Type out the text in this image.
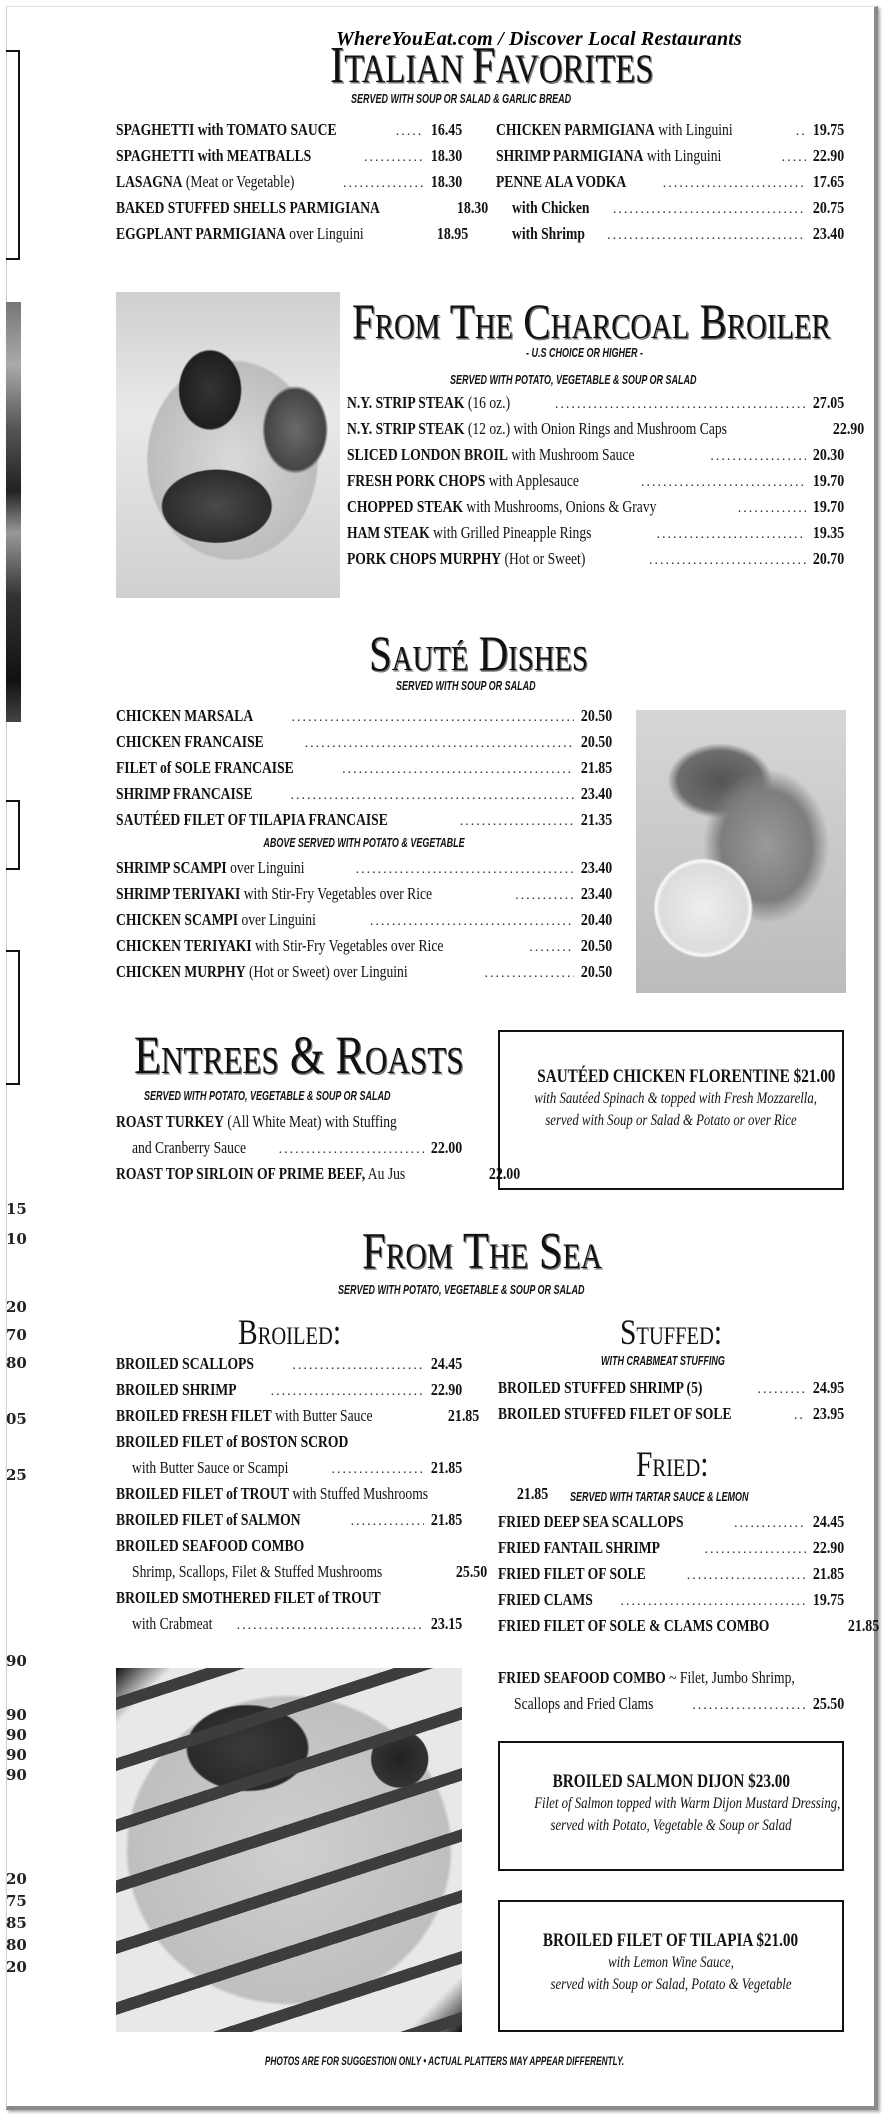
15
10
20
70
80
05
25
90
90
90
90
90
20
75
85
80
20
WhereYouEat.com / Discover Local Restaurants
ITALIAN FAVORITES
SERVED WITH SOUP OR SALAD & GARLIC BREAD
SPAGHETTI with TOMATO SAUCE .....	16.45
SPAGHETTI with MEATBALLS .....	18.30
LASAGNA (Meat or Vegetable) .....	18.30
BAKED STUFFED SHELLS PARMIGIANA	18.30
EGGPLANT PARMIGIANA over Linguini	18.95
CHICKEN PARMIGIANA with Linguini .....	19.75
SHRIMP PARMIGIANA with Linguini .....	22.90
PENNE ALA VODKA .....	17.65
with Chicken .....	20.75
with Shrimp .....	23.40
From The Charcoal Broiler
- U.S CHOICE OR HIGHER -
SERVED WITH POTATO, VEGETABLE & SOUP OR SALAD
N.Y. STRIP STEAK (16 oz.) .....	27.05
N.Y. STRIP STEAK (12 oz.) with Onion Rings and Mushroom Caps	22.90
SLICED LONDON BROIL with Mushroom Sauce .....	20.30
FRESH PORK CHOPS with Applesauce .....	19.70
CHOPPED STEAK with Mushrooms, Onions & Gravy .....	19.70
HAM STEAK with Grilled Pineapple Rings .....	19.35
PORK CHOPS MURPHY (Hot or Sweet) .....	20.70
Sauté Dishes
SERVED WITH SOUP OR SALAD
CHICKEN MARSALA .....	20.50
CHICKEN FRANCAISE .....	20.50
FILET of SOLE FRANCAISE .....	21.85
SHRIMP FRANCAISE .....	23.40
SAUTÉED FILET OF TILAPIA FRANCAISE .....	21.35
ABOVE SERVED WITH POTATO & VEGETABLE
SHRIMP SCAMPI over Linguini .....	23.40
SHRIMP TERIYAKI with Stir-Fry Vegetables over Rice .....	23.40
CHICKEN SCAMPI over Linguini .....	20.40
CHICKEN TERIYAKI with Stir-Fry Vegetables over Rice .....	20.50
CHICKEN MURPHY (Hot or Sweet) over Linguini .....	20.50
Entrees & Roasts
SERVED WITH POTATO, VEGETABLE & SOUP OR SALAD
ROAST TURKEY (All White Meat) with Stuffing
and Cranberry Sauce .....	22.00
ROAST TOP SIRLOIN OF PRIME BEEF, Au Jus	22.00
SAUTÉED CHICKEN FLORENTINE $21.00
with Sautéed Spinach & topped with Fresh Mozzarella,
served with Soup or Salad & Potato or over Rice
From The Sea
SERVED WITH POTATO, VEGETABLE & SOUP OR SALAD
Broiled:
BROILED SCALLOPS .....	24.45
BROILED SHRIMP .....	22.90
BROILED FRESH FILET with Butter Sauce	21.85
BROILED FILET of BOSTON SCROD
with Butter Sauce or Scampi .....	21.85
BROILED FILET of TROUT with Stuffed Mushrooms	21.85
BROILED FILET of SALMON .....	21.85
BROILED SEAFOOD COMBO
Shrimp, Scallops, Filet & Stuffed Mushrooms	25.50
BROILED SMOTHERED FILET of TROUT
with Crabmeat .....	23.15
Stuffed:
WITH CRABMEAT STUFFING
BROILED STUFFED SHRIMP (5) .....	24.95
BROILED STUFFED FILET OF SOLE .....	23.95
Fried:
SERVED WITH TARTAR SAUCE & LEMON
FRIED DEEP SEA SCALLOPS .....	24.45
FRIED FANTAIL SHRIMP .....	22.90
FRIED FILET OF SOLE .....	21.85
FRIED CLAMS .....	19.75
FRIED FILET OF SOLE & CLAMS COMBO	21.85
FRIED SEAFOOD COMBO ~ Filet, Jumbo Shrimp,
Scallops and Fried Clams .....	25.50
BROILED SALMON DIJON $23.00
Filet of Salmon topped with Warm Dijon Mustard Dressing,
served with Potato, Vegetable & Soup or Salad
BROILED FILET OF TILAPIA $21.00
with Lemon Wine Sauce,
served with Soup or Salad, Potato & Vegetable
PHOTOS ARE FOR SUGGESTION ONLY • ACTUAL PLATTERS MAY APPEAR DIFFERENTLY.
